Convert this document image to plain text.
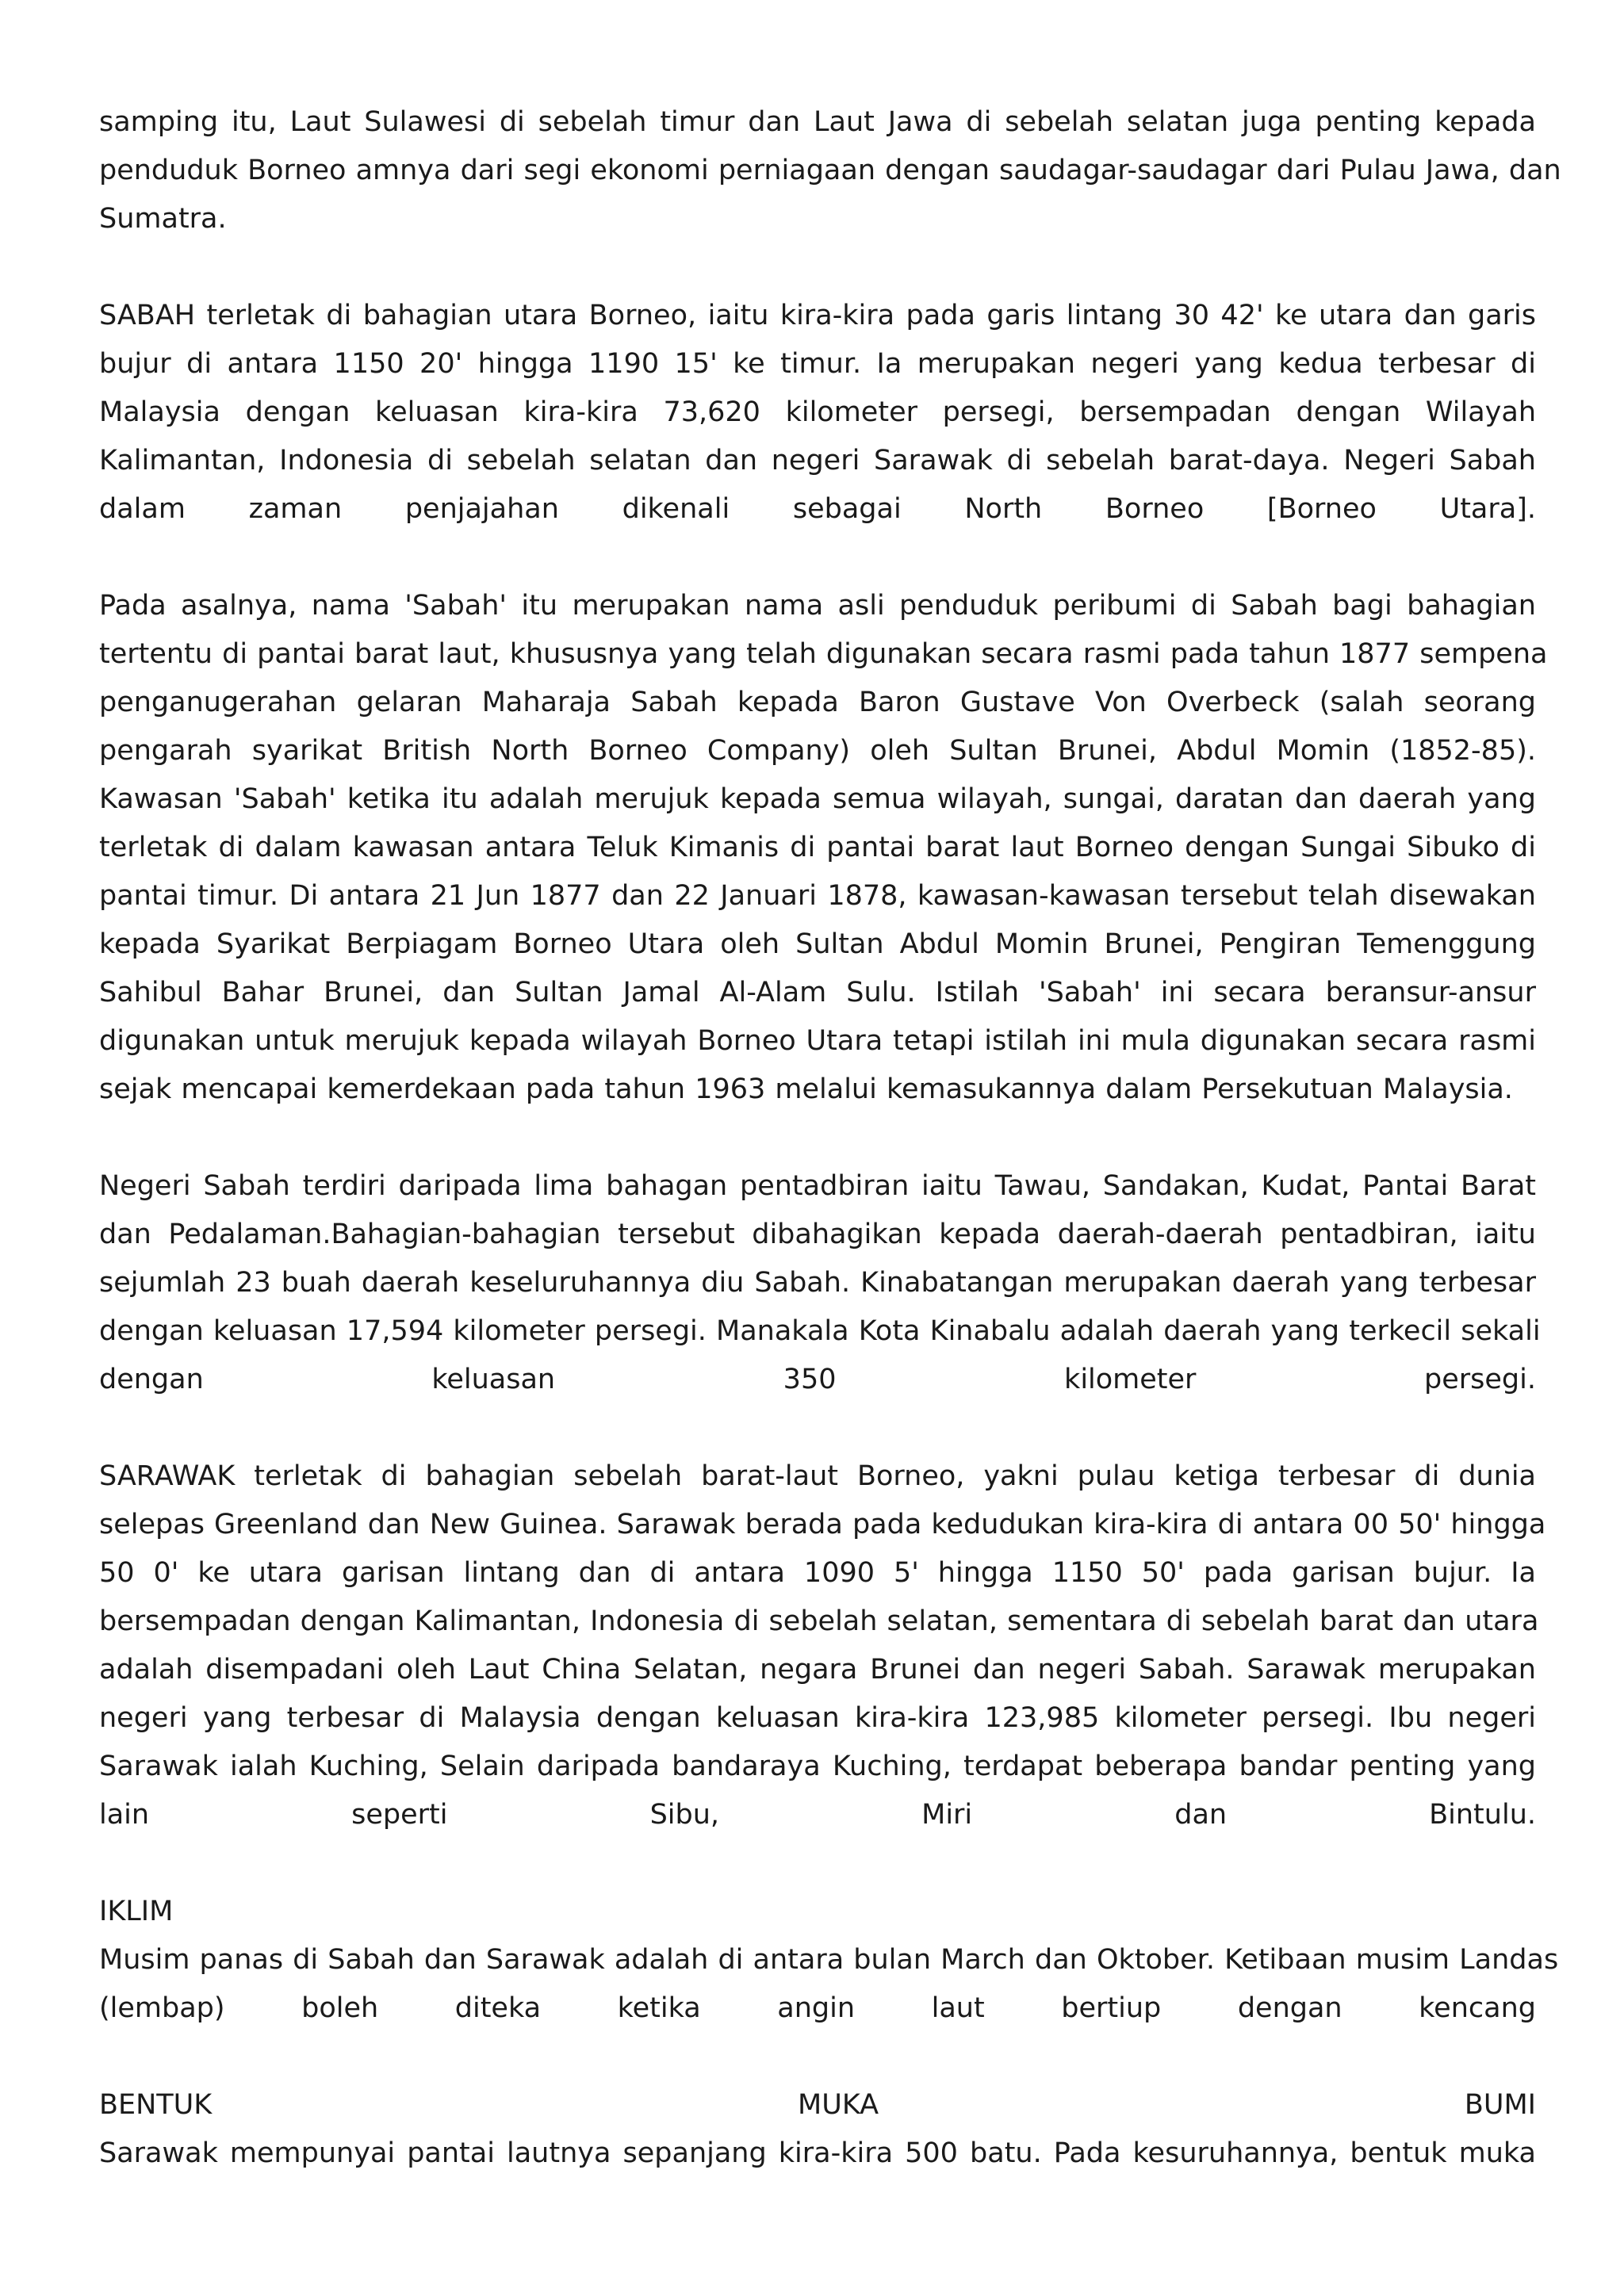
samping itu, Laut Sulawesi di sebelah timur dan Laut Jawa di sebelah selatan juga penting kepada
penduduk Borneo amnya dari segi ekonomi perniagaan dengan saudagar-saudagar dari Pulau Jawa, dan
Sumatra.
SABAH terletak di bahagian utara Borneo, iaitu kira-kira pada garis lintang 30 42' ke utara dan garis
bujur di antara 1150 20' hingga 1190 15' ke timur. Ia merupakan negeri yang kedua terbesar di
Malaysia dengan keluasan kira-kira 73,620 kilometer persegi, bersempadan dengan Wilayah
Kalimantan, Indonesia di sebelah selatan dan negeri Sarawak di sebelah barat-daya. Negeri Sabah
dalam zaman penjajahan dikenali sebagai North Borneo [Borneo Utara].
Pada asalnya, nama 'Sabah' itu merupakan nama asli penduduk peribumi di Sabah bagi bahagian
tertentu di pantai barat laut, khususnya yang telah digunakan secara rasmi pada tahun 1877 sempena
penganugerahan gelaran Maharaja Sabah kepada Baron Gustave Von Overbeck (salah seorang
pengarah syarikat British North Borneo Company) oleh Sultan Brunei, Abdul Momin (1852-85).
Kawasan 'Sabah' ketika itu adalah merujuk kepada semua wilayah, sungai, daratan dan daerah yang
terletak di dalam kawasan antara Teluk Kimanis di pantai barat laut Borneo dengan Sungai Sibuko di
pantai timur. Di antara 21 Jun 1877 dan 22 Januari 1878, kawasan-kawasan tersebut telah disewakan
kepada Syarikat Berpiagam Borneo Utara oleh Sultan Abdul Momin Brunei, Pengiran Temenggung
Sahibul Bahar Brunei, dan Sultan Jamal Al-Alam Sulu. Istilah 'Sabah' ini secara beransur-ansur
digunakan untuk merujuk kepada wilayah Borneo Utara tetapi istilah ini mula digunakan secara rasmi
sejak mencapai kemerdekaan pada tahun 1963 melalui kemasukannya dalam Persekutuan Malaysia.
Negeri Sabah terdiri daripada lima bahagan pentadbiran iaitu Tawau, Sandakan, Kudat, Pantai Barat
dan Pedalaman.Bahagian-bahagian tersebut dibahagikan kepada daerah-daerah pentadbiran, iaitu
sejumlah 23 buah daerah keseluruhannya diu Sabah. Kinabatangan merupakan daerah yang terbesar
dengan keluasan 17,594 kilometer persegi. Manakala Kota Kinabalu adalah daerah yang terkecil sekali
dengan keluasan 350 kilometer persegi.
SARAWAK terletak di bahagian sebelah barat-laut Borneo, yakni pulau ketiga terbesar di dunia
selepas Greenland dan New Guinea. Sarawak berada pada kedudukan kira-kira di antara 00 50' hingga
50 0' ke utara garisan lintang dan di antara 1090 5' hingga 1150 50' pada garisan bujur. Ia
bersempadan dengan Kalimantan, Indonesia di sebelah selatan, sementara di sebelah barat dan utara
adalah disempadani oleh Laut China Selatan, negara Brunei dan negeri Sabah. Sarawak merupakan
negeri yang terbesar di Malaysia dengan keluasan kira-kira 123,985 kilometer persegi. Ibu negeri
Sarawak ialah Kuching, Selain daripada bandaraya Kuching, terdapat beberapa bandar penting yang
lain seperti Sibu, Miri dan Bintulu.
IKLIM
Musim panas di Sabah dan Sarawak adalah di antara bulan March dan Oktober. Ketibaan musim Landas
(lembap) boleh diteka ketika angin laut bertiup dengan kencang
BENTUK MUKA BUMI
Sarawak mempunyai pantai lautnya sepanjang kira-kira 500 batu. Pada kesuruhannya, bentuk muka
